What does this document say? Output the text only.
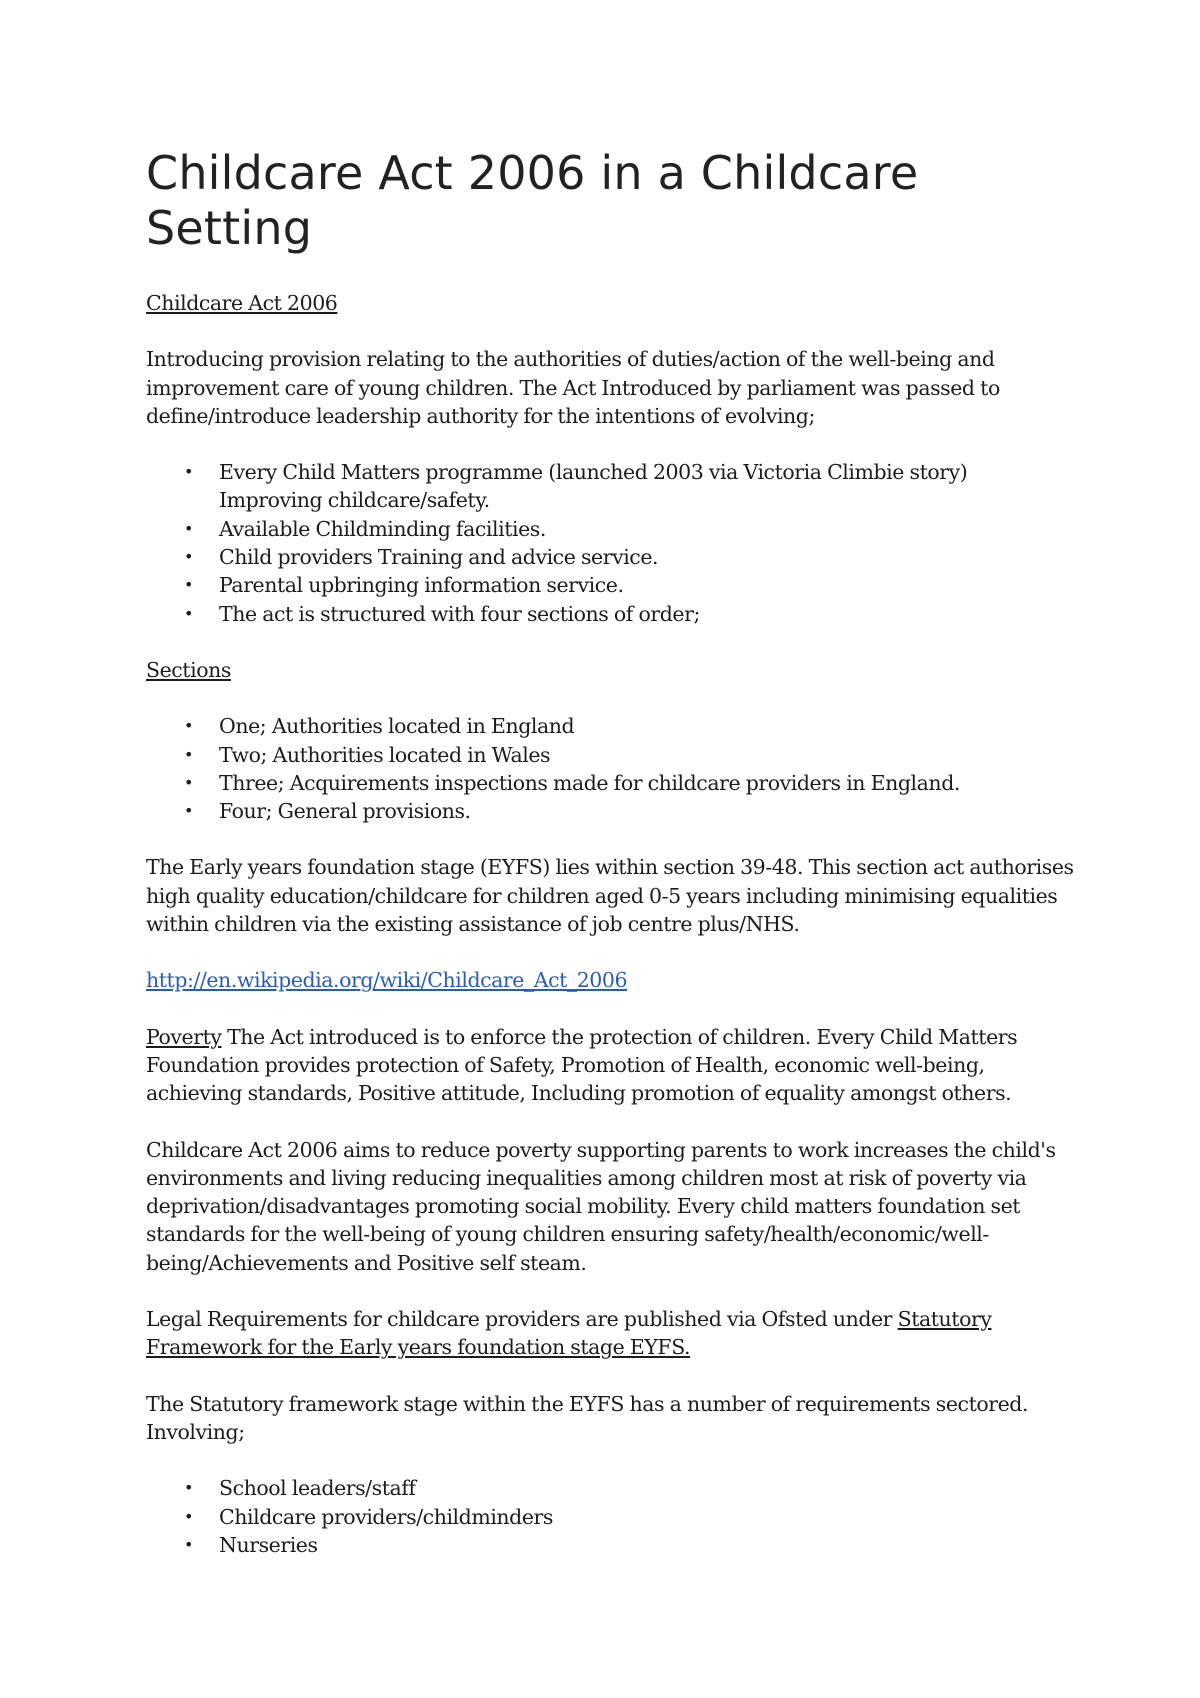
Childcare Act 2006 in a Childcare Setting

Childcare Act 2006

Introducing provision relating to the authorities of duties/action of the well-being and improvement care of young children. The Act Introduced by parliament was passed to define/introduce leadership authority for the intentions of evolving;

• Every Child Matters programme (launched 2003 via Victoria Climbie story) Improving childcare/safety.
• Available Childminding facilities.
• Child providers Training and advice service.
• Parental upbringing information service.
• The act is structured with four sections of order;

Sections

• One; Authorities located in England
• Two; Authorities located in Wales
• Three; Acquirements inspections made for childcare providers in England.
• Four; General provisions.

The Early years foundation stage (EYFS) lies within section 39-48. This section act authorises high quality education/childcare for children aged 0-5 years including minimising equalities within children via the existing assistance of job centre plus/NHS.

http://en.wikipedia.org/wiki/Childcare_Act_2006

Poverty The Act introduced is to enforce the protection of children. Every Child Matters Foundation provides protection of Safety, Promotion of Health, economic well-being, achieving standards, Positive attitude, Including promotion of equality amongst others.

Childcare Act 2006 aims to reduce poverty supporting parents to work increases the child's environments and living reducing inequalities among children most at risk of poverty via deprivation/disadvantages promoting social mobility. Every child matters foundation set standards for the well-being of young children ensuring safety/health/economic/well-being/Achievements and Positive self steam.

Legal Requirements for childcare providers are published via Ofsted under Statutory Framework for the Early years foundation stage EYFS.

The Statutory framework stage within the EYFS has a number of requirements sectored. Involving;

• School leaders/staff
• Childcare providers/childminders
• Nurseries
